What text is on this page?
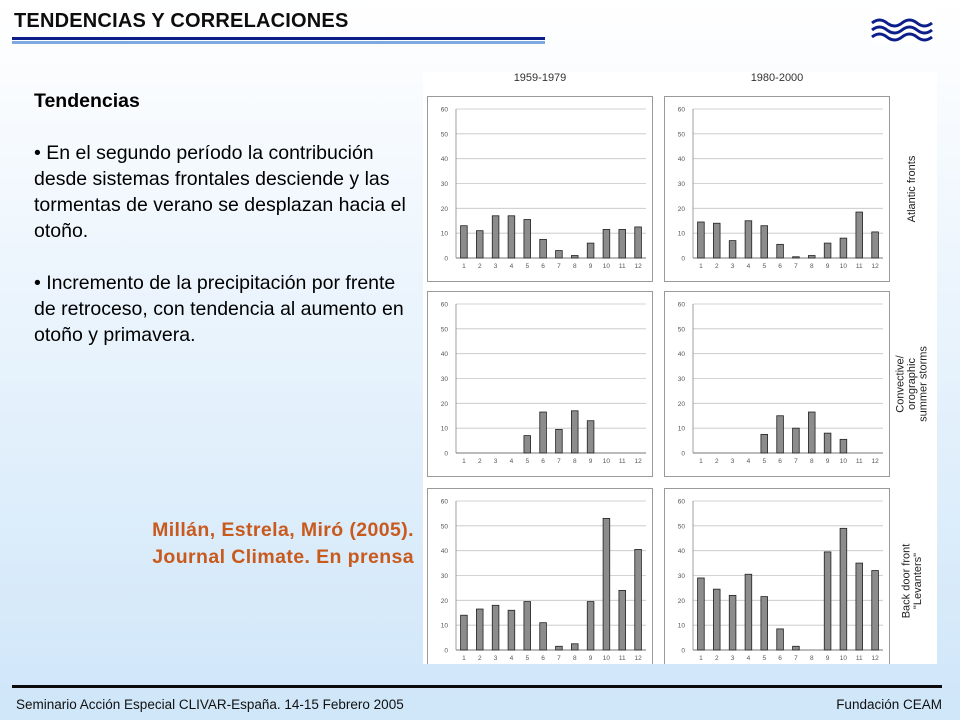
TENDENCIAS Y CORRELACIONES
Tendencias

• En el segundo período la contribución desde sistemas frontales desciende y las tormentas de verano se desplazan hacia el otoño.

• Incremento de la precipitación por frente de retroceso, con tendencia al aumento en otoño y primavera.

Millán, Estrela, Miró (2005).
Journal Climate. En prensa
1959-1979	1980-2000
Atlantic fronts
Convective/ orographic summer storms
Back door front "Levanters"
0
10
20
30
40
50
60
1 2 3 4 5 6 7 8 9 10 11 12
0
10
20
30
40
50
60
1 2 3 4 5 6 7 8 9 10 11 12
0
10
20
30
40
50
60
1 2 3 4 5 6 7 8 9 10 11 12
0
10
20
30
40
50
60
1 2 3 4 5 6 7 8 9 10 11 12
0
10
20
30
40
50
60
1 2 3 4 5 6 7 8 9 10 11 12
0
10
20
30
40
50
60
1 2 3 4 5 6 7 8 9 10 11 12
Seminario Acción Especial CLIVAR-España. 14-15 Febrero 2005	Fundación CEAM
